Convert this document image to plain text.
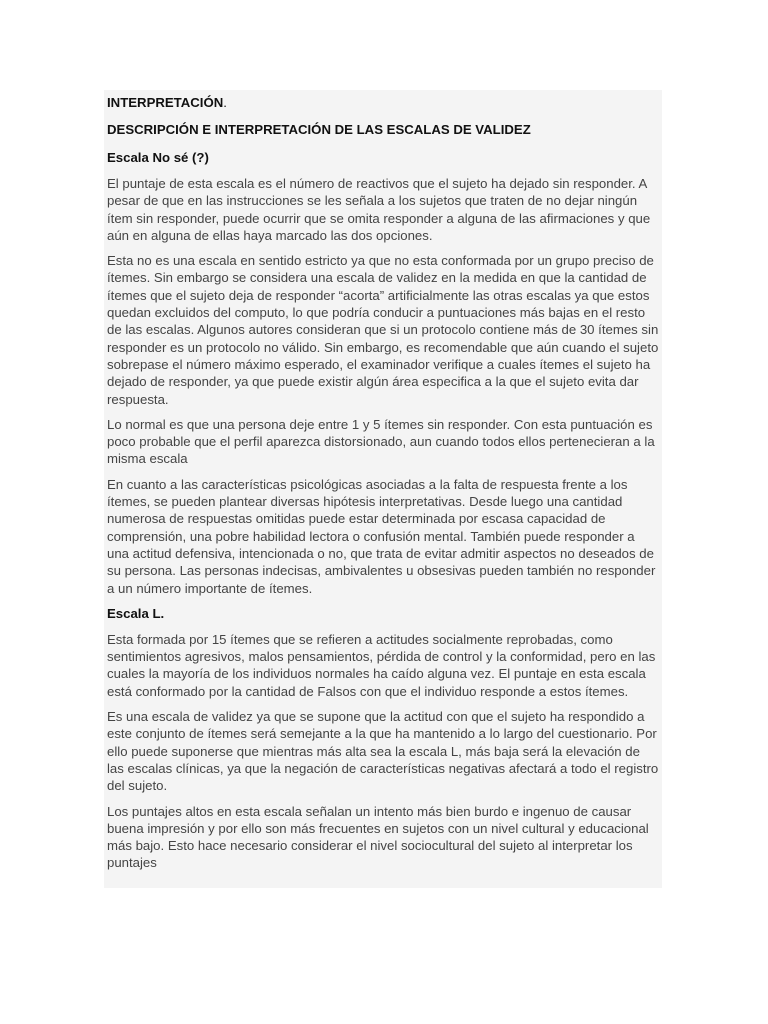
INTERPRETACIÓN.
DESCRIPCIÓN E INTERPRETACIÓN DE LAS ESCALAS DE VALIDEZ
Escala No sé (?)

El puntaje de esta escala es el número de reactivos que el sujeto ha dejado sin responder. A pesar de que en las instrucciones se les señala a los sujetos que traten de no dejar ningún ítem sin responder, puede ocurrir que se omita responder a alguna de las afirmaciones y que aún en alguna de ellas haya marcado las dos opciones.

Esta no es una escala en sentido estricto ya que no esta conformada por un grupo preciso de ítemes. Sin embargo se considera una escala de validez en la medida en que la cantidad de ítemes que el sujeto deja de responder “acorta” artificialmente las otras escalas ya que estos quedan excluidos del computo, lo que podría conducir a puntuaciones más bajas en el resto de las escalas. Algunos autores consideran que si un protocolo contiene más de 30 ítemes sin responder es un protocolo no válido. Sin embargo, es recomendable que aún cuando el sujeto sobrepase el número máximo esperado, el examinador verifique a cuales ítemes el sujeto ha dejado de responder, ya que puede existir algún área especifica a la que el sujeto evita dar respuesta.

Lo normal es que una persona deje entre 1 y 5 ítemes sin responder. Con esta puntuación es poco probable que el perfil aparezca distorsionado, aun cuando todos ellos pertenecieran a la misma escala

En cuanto a las características psicológicas asociadas a la falta de respuesta frente a los ítemes, se pueden plantear diversas hipótesis interpretativas. Desde luego una cantidad numerosa de respuestas omitidas puede estar determinada por escasa capacidad de comprensión, una pobre habilidad lectora o confusión mental. También puede responder a una actitud defensiva, intencionada o no, que trata de evitar admitir aspectos no deseados de su persona. Las personas indecisas, ambivalentes u obsesivas pueden también no responder a un número importante de ítemes.

Escala L.

Esta formada por 15 ítemes que se refieren a actitudes socialmente reprobadas, como sentimientos agresivos, malos pensamientos, pérdida de control y la conformidad, pero en las cuales la mayoría de los individuos normales ha caído alguna vez. El puntaje en esta escala está conformado por la cantidad de Falsos con que el individuo responde a estos ítemes.

Es una escala de validez ya que se supone que la actitud con que el sujeto ha respondido a este conjunto de ítemes será semejante a la que ha mantenido a lo largo del cuestionario. Por ello puede suponerse que mientras más alta sea la escala L, más baja será la elevación de las escalas clínicas, ya que la negación de características negativas afectará a todo el registro del sujeto.

Los puntajes altos en esta escala señalan un intento más bien burdo e ingenuo de causar buena impresión y por ello son más frecuentes en sujetos con un nivel cultural y educacional más bajo. Esto hace necesario considerar el nivel sociocultural del sujeto al interpretar los puntajes
